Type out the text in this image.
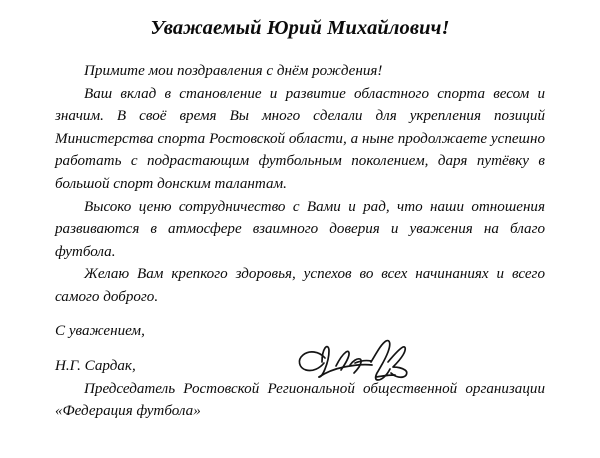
Уважаемый Юрий Михайлович!

Примите мои поздравления с днём рождения!

Ваш вклад в становление и развитие областного спорта весом и значим. В своё время Вы много сделали для укрепления позиций Министерства спорта Ростовской области, а ныне продолжаете успешно работать с подрастающим футбольным поколением, даря путёвку в большой спорт донским талантам.

Высоко ценю сотрудничество с Вами и рад, что наши отношения развиваются в атмосфере взаимного доверия и уважения на благо футбола.

Желаю Вам крепкого здоровья, успехов во всех начинаниях и всего самого доброго.

С уважением,

Н.Г. Сардак,

Председатель Ростовской Региональной общественной организации «Федерация футбола»
